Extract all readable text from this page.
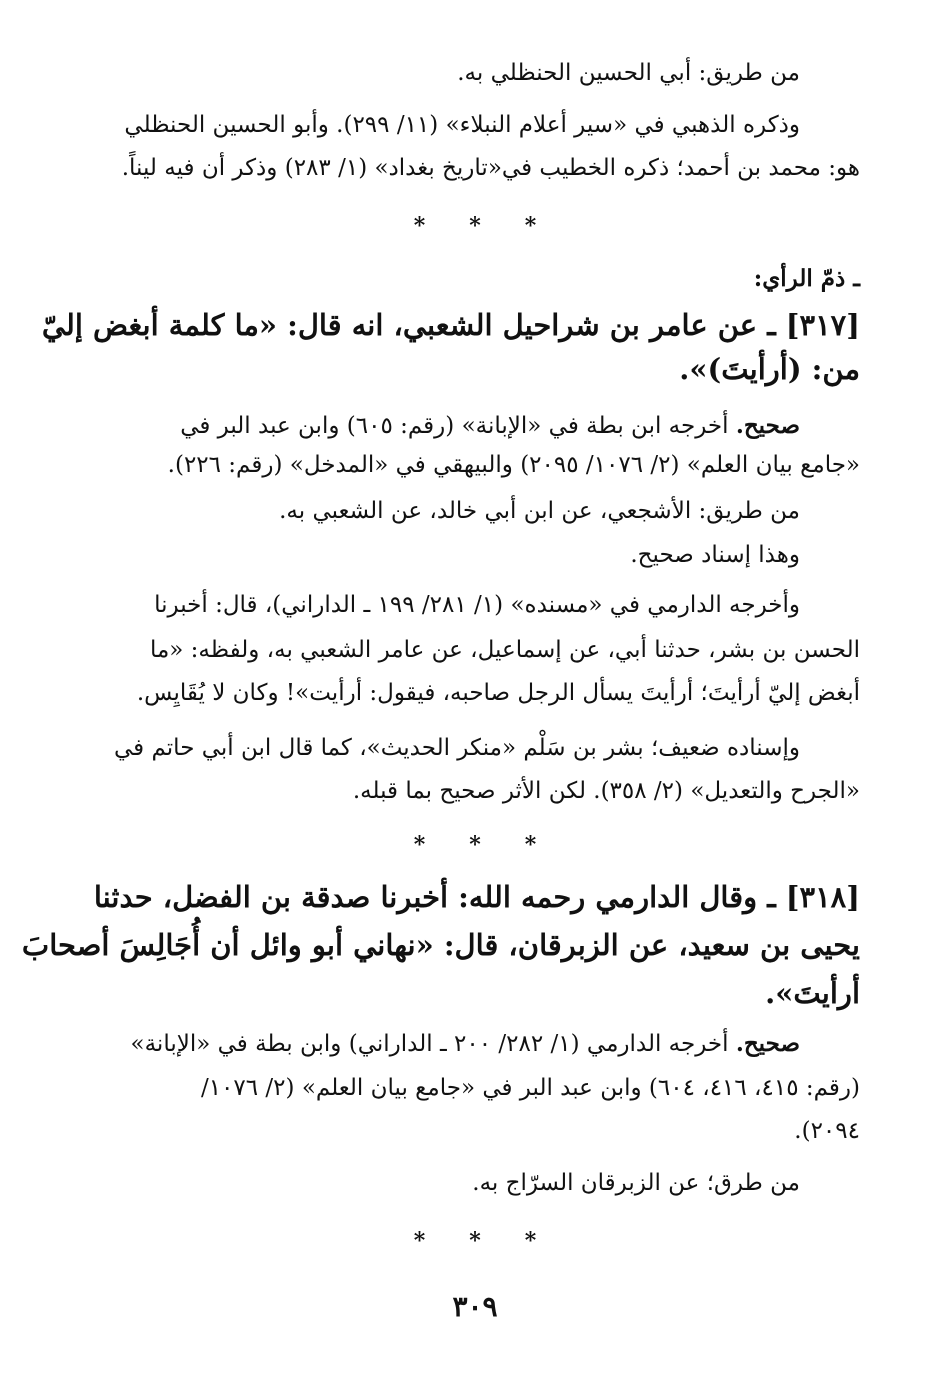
من طريق: أبي الحسين الحنظلي به.
وذكره الذهبي في «سير أعلام النبلاء» (١١/ ٢٩٩). وأبو الحسين الحنظلي
هو: محمد بن أحمد؛ ذكره الخطيب في«تاريخ بغداد» (١/ ٢٨٣) وذكر أن فيه ليناً.
* * *
ـ ذمّ الرأي:
[٣١٧] ـ عن عامر بن شراحيل الشعبي، انه قال: «ما كلمة أبغض إليّ
من: (أرأيتَ)».
صحيح. أخرجه ابن بطة في «الإبانة» (رقم: ٦٠٥) وابن عبد البر في
«جامع بيان العلم» (٢/ ١٠٧٦/ ٢٠٩٥) والبيهقي في «المدخل» (رقم: ٢٢٦).
من طريق: الأشجعي، عن ابن أبي خالد، عن الشعبي به.
وهذا إسناد صحيح.
وأخرجه الدارمي في «مسنده» (١/ ٢٨١/ ١٩٩ ـ الداراني)، قال: أخبرنا
الحسن بن بشر، حدثنا أبي، عن إسماعيل، عن عامر الشعبي به، ولفظه: «ما
أبغض إليّ أرأيتَ؛ أرأيتَ يسأل الرجل صاحبه، فيقول: أرأيت»! وكان لا يُقَايِس.
وإسناده ضعيف؛ بشر بن سَلْم «منكر الحديث»، كما قال ابن أبي حاتم في
«الجرح والتعديل» (٢/ ٣٥٨). لكن الأثر صحيح بما قبله.
* * *
[٣١٨] ـ وقال الدارمي رحمه الله: أخبرنا صدقة بن الفضل، حدثنا
يحيى بن سعيد، عن الزبرقان، قال: «نهاني أبو وائل أن أُجَالِسَ أصحابَ
أرأيتَ».
صحيح. أخرجه الدارمي (١/ ٢٨٢/ ٢٠٠ ـ الداراني) وابن بطة في «الإبانة»
(رقم: ٤١٥، ٤١٦، ٦٠٤) وابن عبد البر في «جامع بيان العلم» (٢/ ١٠٧٦/
٢٠٩٤).
من طرق؛ عن الزبرقان السرّاج به.
* * *
٣٠٩
